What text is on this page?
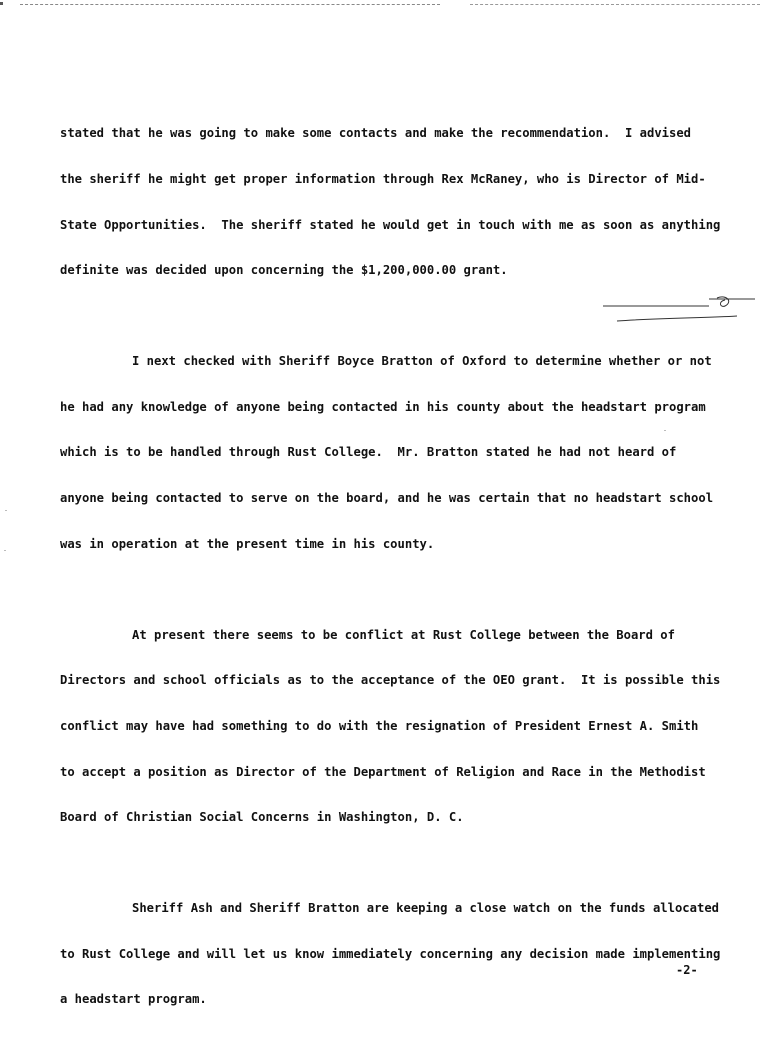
stated that he was going to make some contacts and make the recommendation.  I advised

the sheriff he might get proper information through Rex McRaney, who is Director of Mid-

State Opportunities.  The sheriff stated he would get in touch with me as soon as anything

definite was decided upon concerning the $1,200,000.00 grant.

I next checked with Sheriff Boyce Bratton of Oxford to determine whether or not

he had any knowledge of anyone being contacted in his county about the headstart program

which is to be handled through Rust College.  Mr. Bratton stated he had not heard of

anyone being contacted to serve on the board, and he was certain that no headstart school

was in operation at the present time in his county.

At present there seems to be conflict at Rust College between the Board of

Directors and school officials as to the acceptance of the OEO grant.  It is possible this

conflict may have had something to do with the resignation of President Ernest A. Smith

to accept a position as Director of the Department of Religion and Race in the Methodist

Board of Christian Social Concerns in Washington, D. C.

Sheriff Ash and Sheriff Bratton are keeping a close watch on the funds allocated

to Rust College and will let us know immediately concerning any decision made implementing

a headstart program.

-2-
